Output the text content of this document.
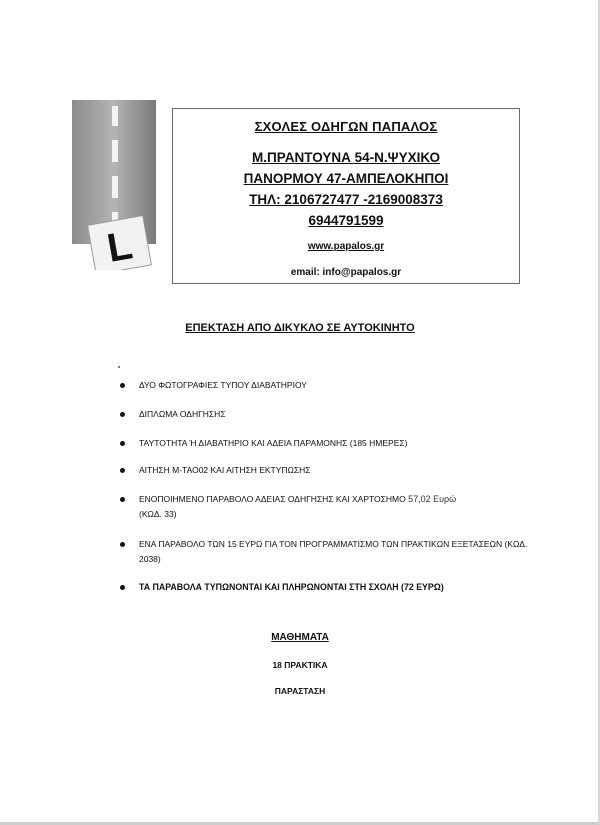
L
ΣΧΟΛΕΣ ΟΔΗΓΩΝ ΠΑΠΑΛΟΣ
Μ.ΠΡΑΝΤΟΥΝΑ 54-Ν.ΨΥΧΙΚΟ
ΠΑΝΟΡΜΟΥ 47-ΑΜΠΕΛΟΚΗΠΟΙ
ΤΗΛ: 2106727477 -2169008373
6944791599
www.papalos.gr
email: info@papalos.gr
ΕΠΕΚΤΑΣΗ ΑΠΟ ΔΙΚΥΚΛΟ ΣΕ ΑΥΤΟΚΙΝΗΤΟ
ΔΥΟ ΦΩΤΟΓΡΑΦΙΕΣ ΤΥΠΟΥ ΔΙΑΒΑΤΗΡΙΟΥ
ΔΙΠΛΩΜΑ ΟΔΗΓΗΣΗΣ
ΤΑΥΤΟΤΗΤΑ Ή ΔΙΑΒΑΤΗΡΙΟ ΚΑΙ ΑΔΕΙΑ ΠΑΡΑΜΟΝΗΣ (185 ΗΜΕΡΕΣ)
ΑΙΤΗΣΗ Μ-ΤΑΟ02 ΚΑΙ ΑΙΤΗΣΗ ΕΚΤΥΠΩΣΗΣ
ΕΝΟΠΟΙΗΜΕΝΟ ΠΑΡΑΒΟΛΟ ΑΔΕΙΑΣ ΟΔΗΓΗΣΗΣ ΚΑΙ ΧΑΡΤΟΣΗΜΟ 57,02 Ευρώ
(ΚΩΔ. 33)
ΕΝΑ ΠΑΡΑΒΟΛΟ ΤΩΝ 15 ΕΥΡΩ ΓΙΑ ΤΟΝ ΠΡΟΓΡΑΜΜΑΤΙΣΜΟ ΤΩΝ ΠΡΑΚΤΙΚΩΝ ΕΞΕΤΑΣΕΩΝ (ΚΩΔ. 2038)
ΤΑ ΠΑΡΑΒΟΛΑ ΤΥΠΩΝΟΝΤΑΙ ΚΑΙ ΠΛΗΡΩΝΟΝΤΑΙ ΣΤΗ ΣΧΟΛΗ (72 ΕΥΡΩ)
ΜΑΘΗΜΑΤΑ
18 ΠΡΑΚΤΙΚΑ
ΠΑΡΑΣΤΑΣΗ
